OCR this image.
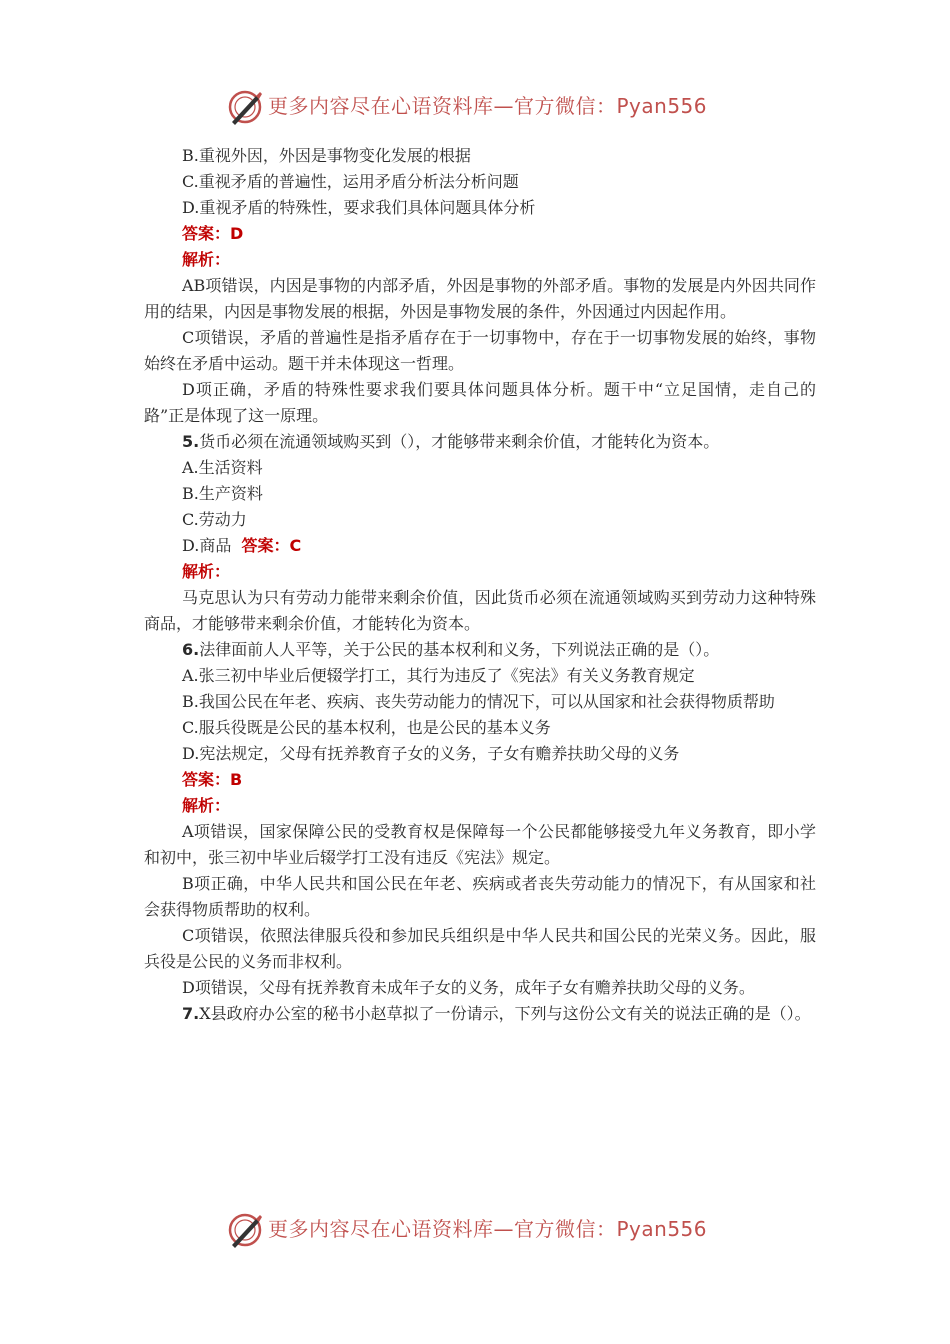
更多内容尽在心语资料库—官方微信：Pyan556

B.重视外因，外因是事物变化发展的根据

C.重视矛盾的普遍性，运用矛盾分析法分析问题

D.重视矛盾的特殊性，要求我们具体问题具体分析

答案：D

解析：

AB项错误，内因是事物的内部矛盾，外因是事物的外部矛盾。事物的发展是内外因共同作用的结果，内因是事物发展的根据，外因是事物发展的条件，外因通过内因起作用。

C项错误，矛盾的普遍性是指矛盾存在于一切事物中，存在于一切事物发展的始终，事物始终在矛盾中运动。题干并未体现这一哲理。

D项正确，矛盾的特殊性要求我们要具体问题具体分析。题干中“立足国情，走自己的路”正是体现了这一原理。

5.货币必须在流通领域购买到（），才能够带来剩余价值，才能转化为资本。

A.生活资料

B.生产资料

C.劳动力

D.商品 答案：C

解析：

马克思认为只有劳动力能带来剩余价值，因此货币必须在流通领域购买到劳动力这种特殊商品，才能够带来剩余价值，才能转化为资本。

6.法律面前人人平等，关于公民的基本权利和义务，下列说法正确的是（）。

A.张三初中毕业后便辍学打工，其行为违反了《宪法》有关义务教育规定

B.我国公民在年老、疾病、丧失劳动能力的情况下，可以从国家和社会获得物质帮助

C.服兵役既是公民的基本权利，也是公民的基本义务

D.宪法规定，父母有抚养教育子女的义务，子女有赡养扶助父母的义务

答案：B

解析：

A项错误，国家保障公民的受教育权是保障每一个公民都能够接受九年义务教育，即小学和初中，张三初中毕业后辍学打工没有违反《宪法》规定。

B项正确，中华人民共和国公民在年老、疾病或者丧失劳动能力的情况下，有从国家和社会获得物质帮助的权利。

C项错误，依照法律服兵役和参加民兵组织是中华人民共和国公民的光荣义务。因此，服兵役是公民的义务而非权利。

D项错误，父母有抚养教育未成年子女的义务，成年子女有赡养扶助父母的义务。

7.X县政府办公室的秘书小赵草拟了一份请示，下列与这份公文有关的说法正确的是（）。

更多内容尽在心语资料库—官方微信：Pyan556
